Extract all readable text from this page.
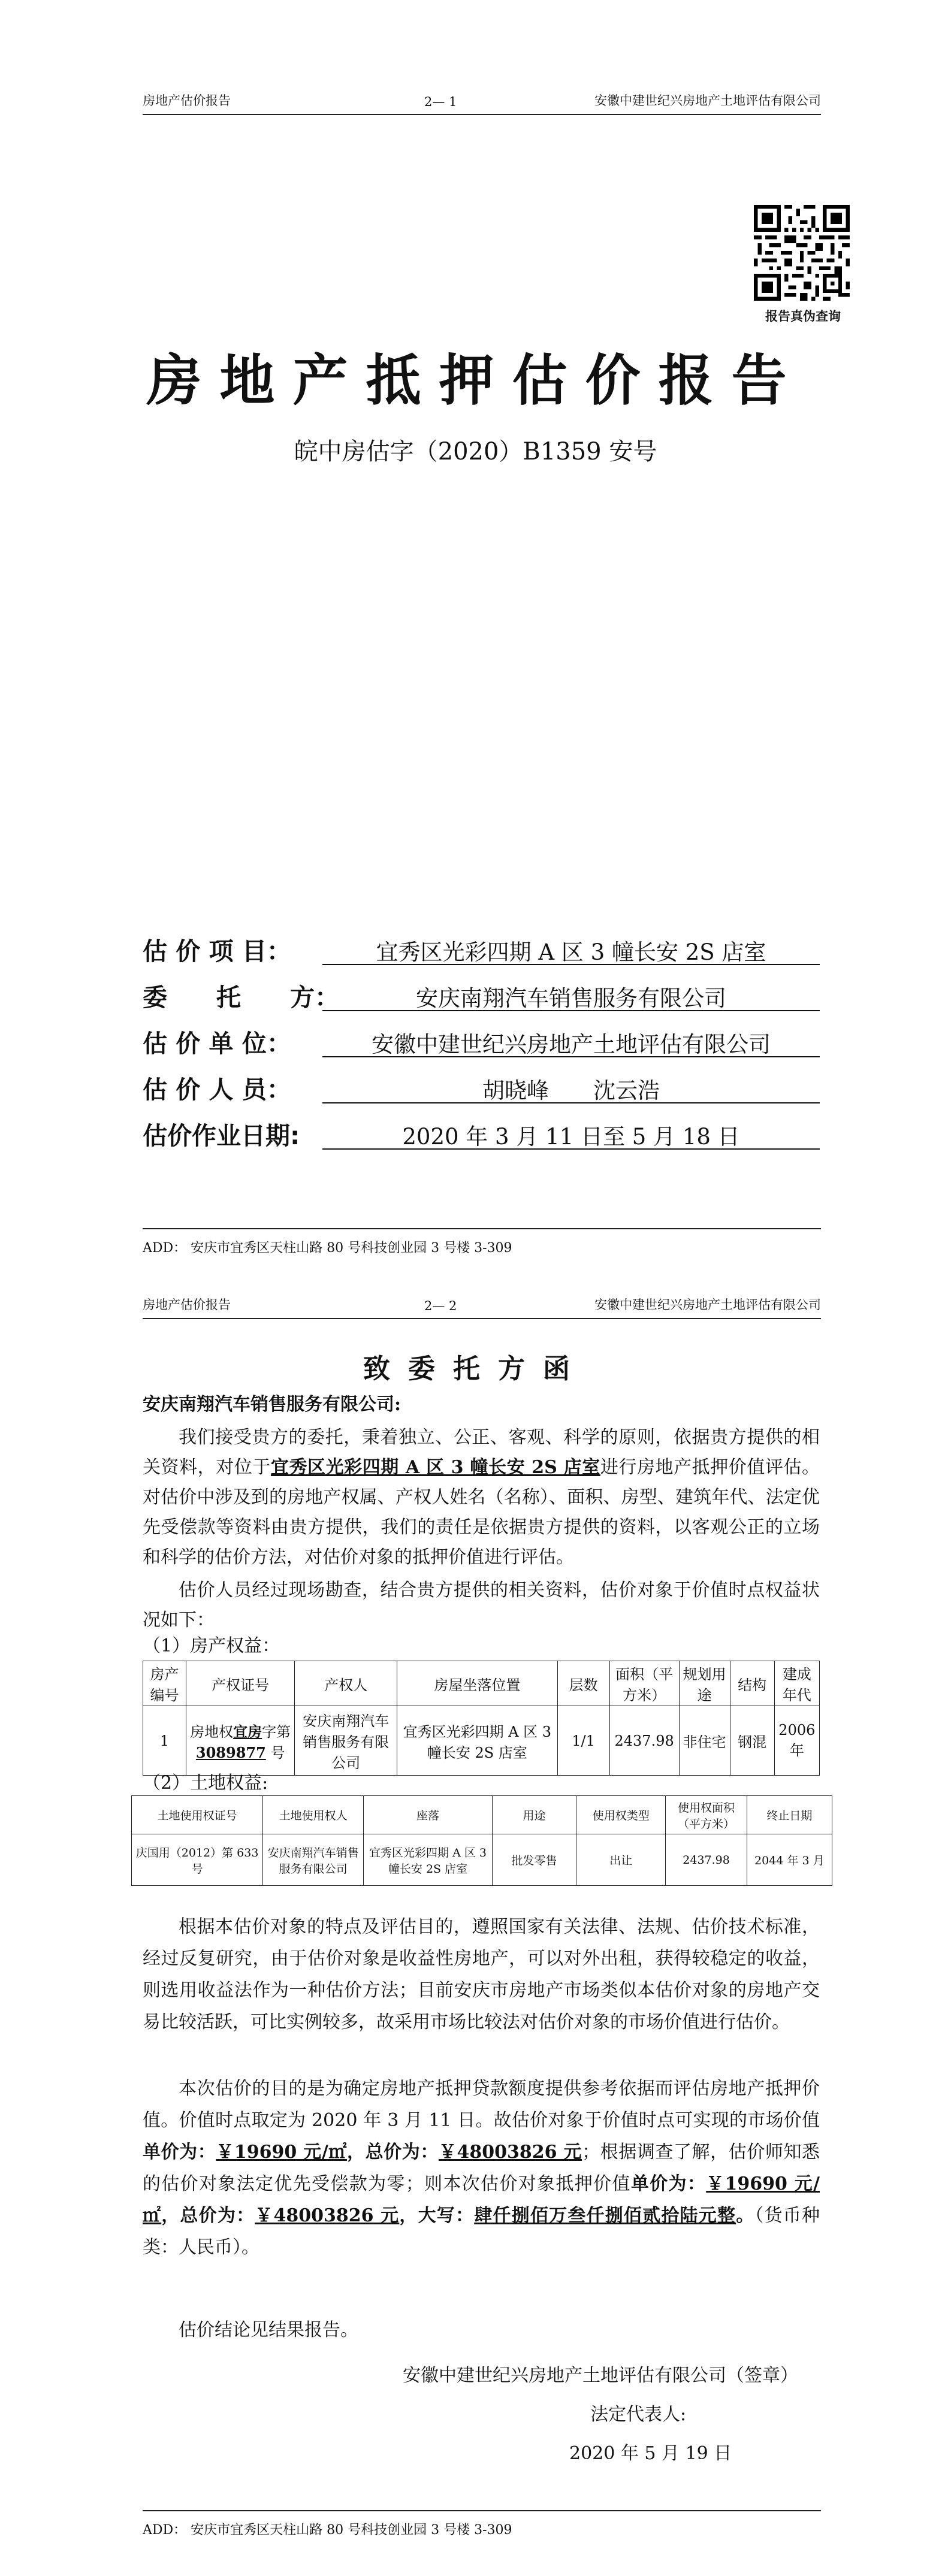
房地产估价报告	2— 1	安徽中建世纪兴房地产土地评估有限公司
报告真伪查询
房地产抵押估价报告
皖中房估字（2020）B1359 安号
估 价 项 目：	宜秀区光彩四期 A 区 3 幢长安 2S 店室
委　　托　　方：	安庆南翔汽车销售服务有限公司
估 价 单 位：	安徽中建世纪兴房地产土地评估有限公司
估 价 人 员：	胡晓峰　　沈云浩
估价作业日期:	2020 年 3 月 11 日至 5 月 18 日
ADD： 安庆市宜秀区天柱山路 80 号科技创业园 3 号楼 3-309
房地产估价报告	2— 2	安徽中建世纪兴房地产土地评估有限公司
致委托方函
安庆南翔汽车销售服务有限公司:
我们接受贵方的委托，秉着独立、公正、客观、科学的原则，依据贵方提供的相关资料，对位于宜秀区光彩四期 A 区 3 幢长安 2S 店室进行房地产抵押价值评估。对估价中涉及到的房地产权属、产权人姓名（名称）、面积、房型、建筑年代、法定优先受偿款等资料由贵方提供，我们的责任是依据贵方提供的资料，以客观公正的立场和科学的估价方法，对估价对象的抵押价值进行评估。
估价人员经过现场勘查，结合贵方提供的相关资料，估价对象于价值时点权益状况如下：
（1）房产权益：
房产编号	产权证号	产权人	房屋坐落位置	层数	面积（平方米）	规划用途	结构	建成年代
1	房地权宜房字第 3089877 号	安庆南翔汽车销售服务有限公司	宜秀区光彩四期 A 区 3 幢长安 2S 店室	1/1	2437.98	非住宅	钢混	2006 年
（2）土地权益:
土地使用权证号	土地使用权人	座落	用途	使用权类型	使用权面积（平方米）	终止日期
庆国用（2012）第 633 号	安庆南翔汽车销售服务有限公司	宜秀区光彩四期 A 区 3 幢长安 2S 店室	批发零售	出让	2437.98	2044 年 3 月
根据本估价对象的特点及评估目的，遵照国家有关法律、法规、估价技术标准，经过反复研究，由于估价对象是收益性房地产，可以对外出租，获得较稳定的收益，则选用收益法作为一种估价方法；目前安庆市房地产市场类似本估价对象的房地产交易比较活跃，可比实例较多，故采用市场比较法对估价对象的市场价值进行估价。
本次估价的目的是为确定房地产抵押贷款额度提供参考依据而评估房地产抵押价值。价值时点取定为 2020 年 3 月 11 日。故估价对象于价值时点可实现的市场价值单价为：￥19690 元/㎡，总价为：￥48003826 元；根据调查了解，估价师知悉的估价对象法定优先受偿款为零；则本次估价对象抵押价值单价为：￥19690 元/㎡，总价为：￥48003826 元，大写：肆仟捌佰万叁仟捌佰贰拾陆元整。（货币种类：人民币）。
估价结论见结果报告。
安徽中建世纪兴房地产土地评估有限公司（签章）
法定代表人:
2020 年 5 月 19 日
ADD： 安庆市宜秀区天柱山路 80 号科技创业园 3 号楼 3-309
